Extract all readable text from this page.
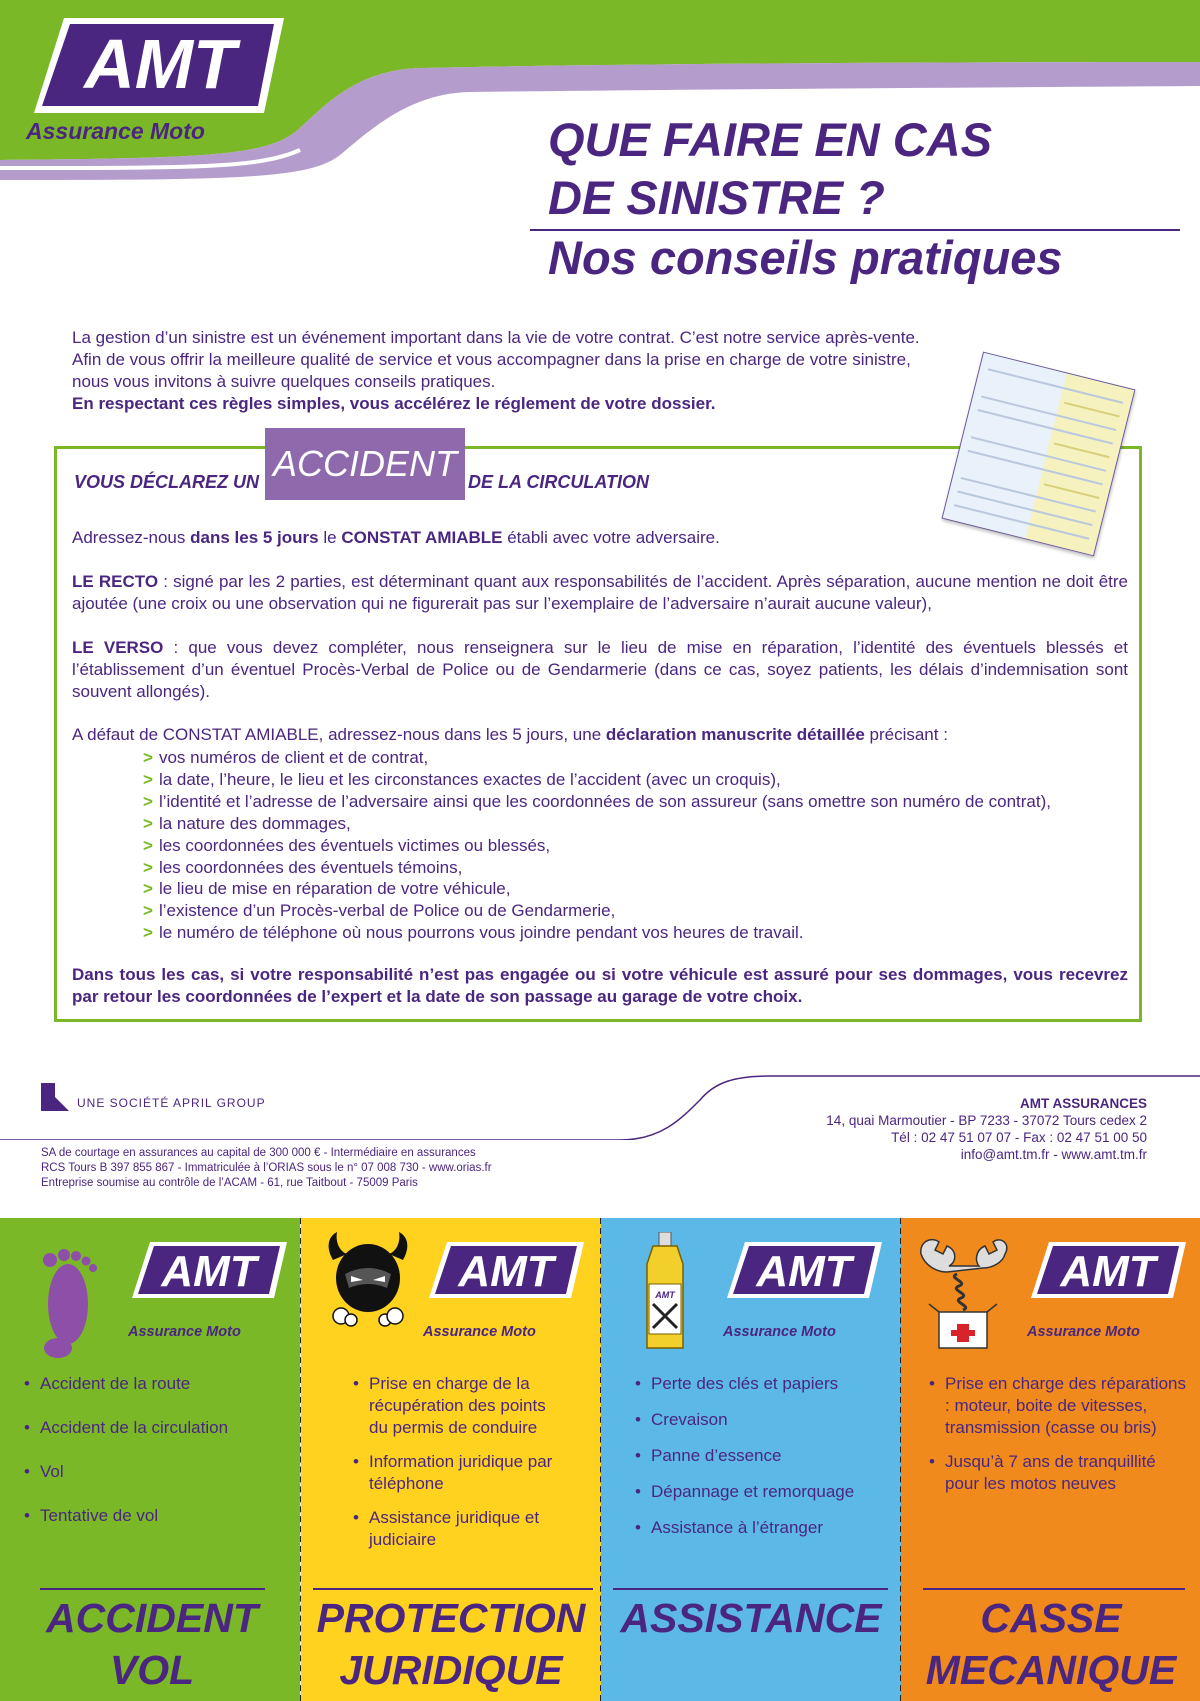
AMT
Assurance Moto	QUE FAIRE EN CAS
DE SINISTRE ?
Nos conseils pratiques
La gestion d’un sinistre est un événement important dans la vie de votre contrat. C’est notre service après-vente.
Afin de vous offrir la meilleure qualité de service et vous accompagner dans la prise en charge de votre sinistre,
nous vous invitons à suivre quelques conseils pratiques.
En respectant ces règles simples, vous accélérez le réglement de votre dossier.
VOUS DÉCLAREZ UN ACCIDENT DE LA CIRCULATION
Adressez-nous dans les 5 jours le CONSTAT AMIABLE établi avec votre adversaire.
LE RECTO : signé par les 2 parties, est déterminant quant aux responsabilités de l’accident. Après séparation, aucune mention ne doit être ajoutée (une croix ou une observation qui ne figurerait pas sur l’exemplaire de l’adversaire n’aurait aucune valeur),
LE VERSO : que vous devez compléter, nous renseignera sur le lieu de mise en réparation, l’identité des éventuels blessés et l’établissement d’un éventuel Procès-Verbal de Police ou de Gendarmerie (dans ce cas, soyez patients, les délais d’indemnisation sont souvent allongés).
A défaut de CONSTAT AMIABLE, adressez-nous dans les 5 jours, une déclaration manuscrite détaillée précisant :
> vos numéros de client et de contrat,
> la date, l’heure, le lieu et les circonstances exactes de l’accident (avec un croquis),
> l’identité et l’adresse de l’adversaire ainsi que les coordonnées de son assureur (sans omettre son numéro de contrat),
> la nature des dommages,
> les coordonnées des éventuels victimes ou blessés,
> les coordonnées des éventuels témoins,
> le lieu de mise en réparation de votre véhicule,
> l’existence d’un Procès-verbal de Police ou de Gendarmerie,
> le numéro de téléphone où nous pourrons vous joindre pendant vos heures de travail.
Dans tous les cas, si votre responsabilité n’est pas engagée ou si votre véhicule est assuré pour ses dommages, vous recevrez par retour les coordonnées de l’expert et la date de son passage au garage de votre choix.
UNE SOCIÉTÉ APRIL GROUP
SA de courtage en assurances au capital de 300 000 € - Intermédiaire en assurances
RCS Tours B 397 855 867 - Immatriculée à l’ORIAS sous le n° 07 008 730 - www.orias.fr
Entreprise soumise au contrôle de l’ACAM - 61, rue Taitbout - 75009 Paris
AMT ASSURANCES
14, quai Marmoutier - BP 7233 - 37072 Tours cedex 2
Tél : 02 47 51 07 07 - Fax : 02 47 51 00 50
info@amt.tm.fr - www.amt.tm.fr
AMT
Assurance Moto
• Accident de la route
• Accident de la circulation
• Vol
• Tentative de vol
ACCIDENT
VOL
AMT
Assurance Moto
• Prise en charge de la récupération des points du permis de conduire
• Information juridique par téléphone
• Assistance juridique et judiciaire
PROTECTION
JURIDIQUE
AMT AMT
Assurance Moto
• Perte des clés et papiers
• Crevaison
• Panne d’essence
• Dépannage et remorquage
• Assistance à l’étranger
ASSISTANCE
AMT
Assurance Moto
• Prise en charge des réparations : moteur, boite de vitesses, transmission (casse ou bris)
• Jusqu’à 7 ans de tranquillité pour les motos neuves
CASSE
MECANIQUE
